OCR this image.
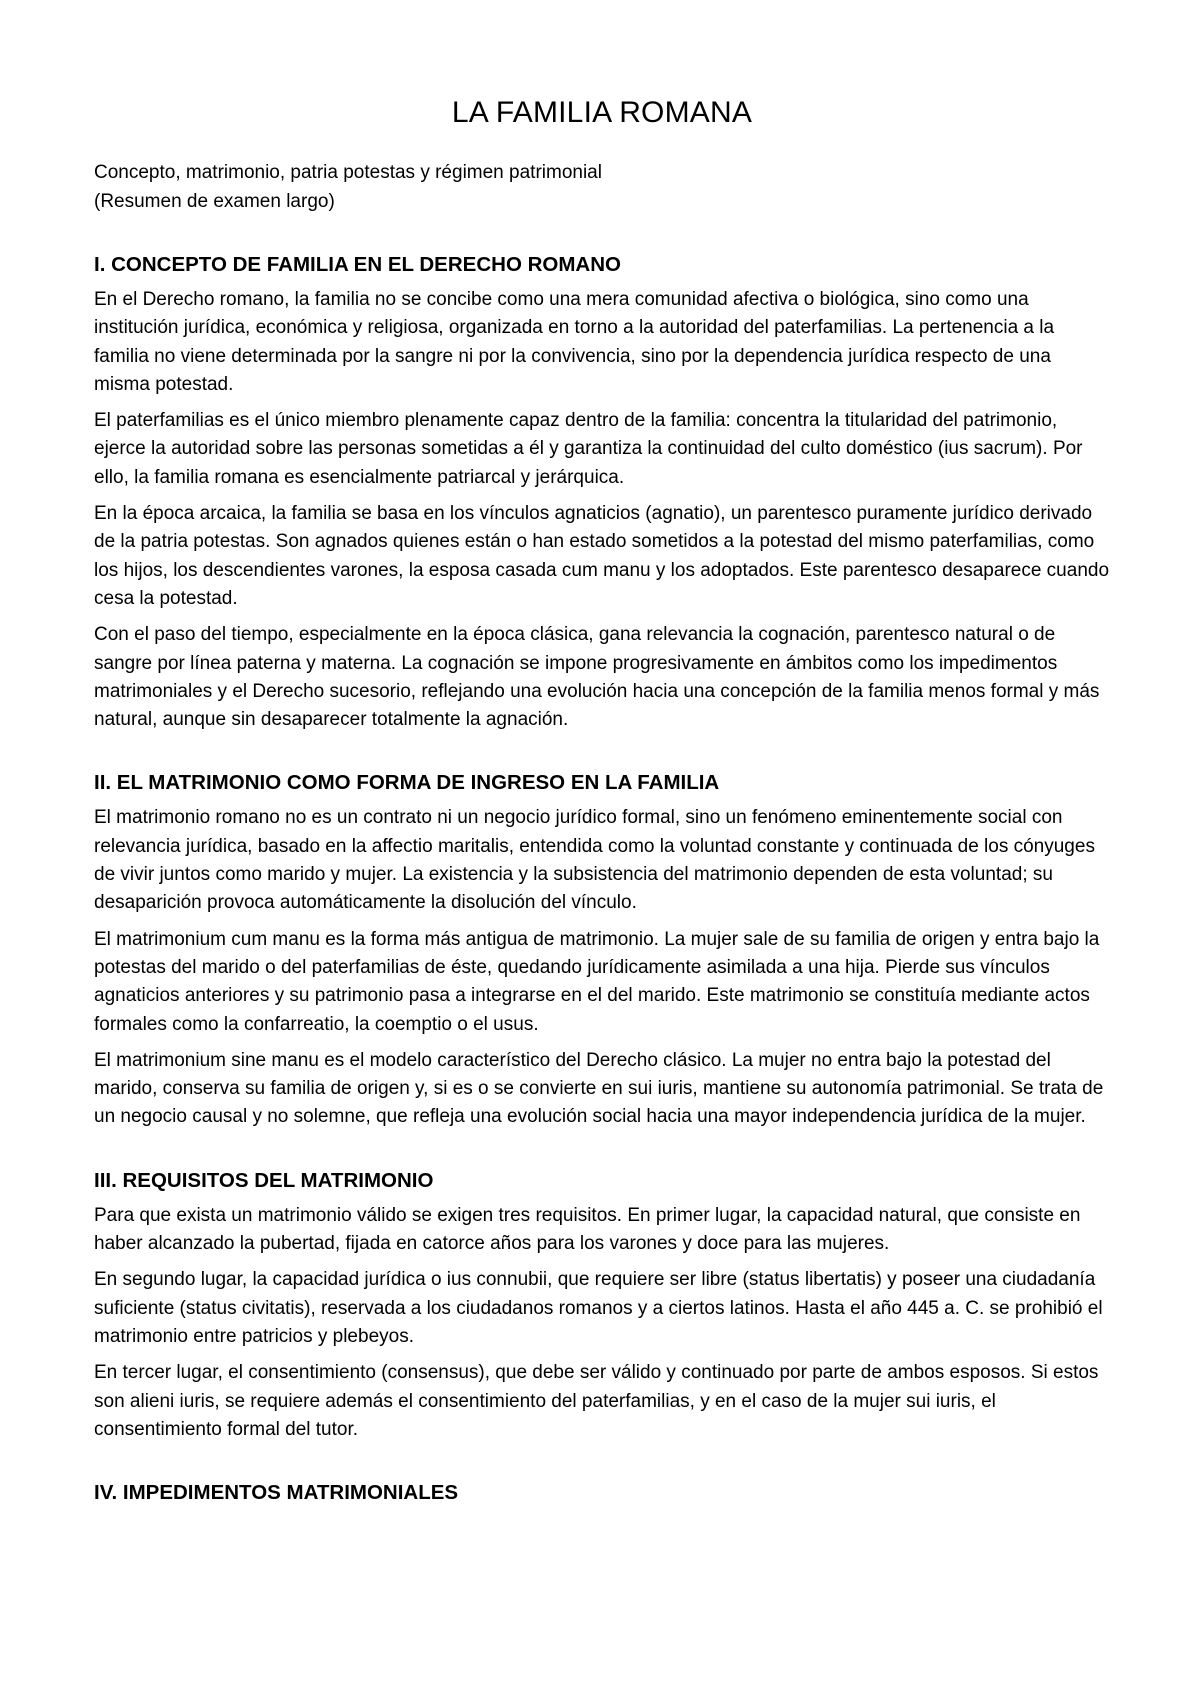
LA FAMILIA ROMANA

Concepto, matrimonio, patria potestas y régimen patrimonial
(Resumen de examen largo)

I. CONCEPTO DE FAMILIA EN EL DERECHO ROMANO

En el Derecho romano, la familia no se concibe como una mera comunidad afectiva o biológica, sino como una institución jurídica, económica y religiosa, organizada en torno a la autoridad del paterfamilias. La pertenencia a la familia no viene determinada por la sangre ni por la convivencia, sino por la dependencia jurídica respecto de una misma potestad.

El paterfamilias es el único miembro plenamente capaz dentro de la familia: concentra la titularidad del patrimonio, ejerce la autoridad sobre las personas sometidas a él y garantiza la continuidad del culto doméstico (ius sacrum). Por ello, la familia romana es esencialmente patriarcal y jerárquica.

En la época arcaica, la familia se basa en los vínculos agnaticios (agnatio), un parentesco puramente jurídico derivado de la patria potestas. Son agnados quienes están o han estado sometidos a la potestad del mismo paterfamilias, como los hijos, los descendientes varones, la esposa casada cum manu y los adoptados. Este parentesco desaparece cuando cesa la potestad.

Con el paso del tiempo, especialmente en la época clásica, gana relevancia la cognación, parentesco natural o de sangre por línea paterna y materna. La cognación se impone progresivamente en ámbitos como los impedimentos matrimoniales y el Derecho sucesorio, reflejando una evolución hacia una concepción de la familia menos formal y más natural, aunque sin desaparecer totalmente la agnación.

II. EL MATRIMONIO COMO FORMA DE INGRESO EN LA FAMILIA

El matrimonio romano no es un contrato ni un negocio jurídico formal, sino un fenómeno eminentemente social con relevancia jurídica, basado en la affectio maritalis, entendida como la voluntad constante y continuada de los cónyuges de vivir juntos como marido y mujer. La existencia y la subsistencia del matrimonio dependen de esta voluntad; su desaparición provoca automáticamente la disolución del vínculo.

El matrimonium cum manu es la forma más antigua de matrimonio. La mujer sale de su familia de origen y entra bajo la potestas del marido o del paterfamilias de éste, quedando jurídicamente asimilada a una hija. Pierde sus vínculos agnaticios anteriores y su patrimonio pasa a integrarse en el del marido. Este matrimonio se constituía mediante actos formales como la confarreatio, la coemptio o el usus.

El matrimonium sine manu es el modelo característico del Derecho clásico. La mujer no entra bajo la potestad del marido, conserva su familia de origen y, si es o se convierte en sui iuris, mantiene su autonomía patrimonial. Se trata de un negocio causal y no solemne, que refleja una evolución social hacia una mayor independencia jurídica de la mujer.

III. REQUISITOS DEL MATRIMONIO

Para que exista un matrimonio válido se exigen tres requisitos. En primer lugar, la capacidad natural, que consiste en haber alcanzado la pubertad, fijada en catorce años para los varones y doce para las mujeres.

En segundo lugar, la capacidad jurídica o ius connubii, que requiere ser libre (status libertatis) y poseer una ciudadanía suficiente (status civitatis), reservada a los ciudadanos romanos y a ciertos latinos. Hasta el año 445 a. C. se prohibió el matrimonio entre patricios y plebeyos.

En tercer lugar, el consentimiento (consensus), que debe ser válido y continuado por parte de ambos esposos. Si estos son alieni iuris, se requiere además el consentimiento del paterfamilias, y en el caso de la mujer sui iuris, el consentimiento formal del tutor.

IV. IMPEDIMENTOS MATRIMONIALES
